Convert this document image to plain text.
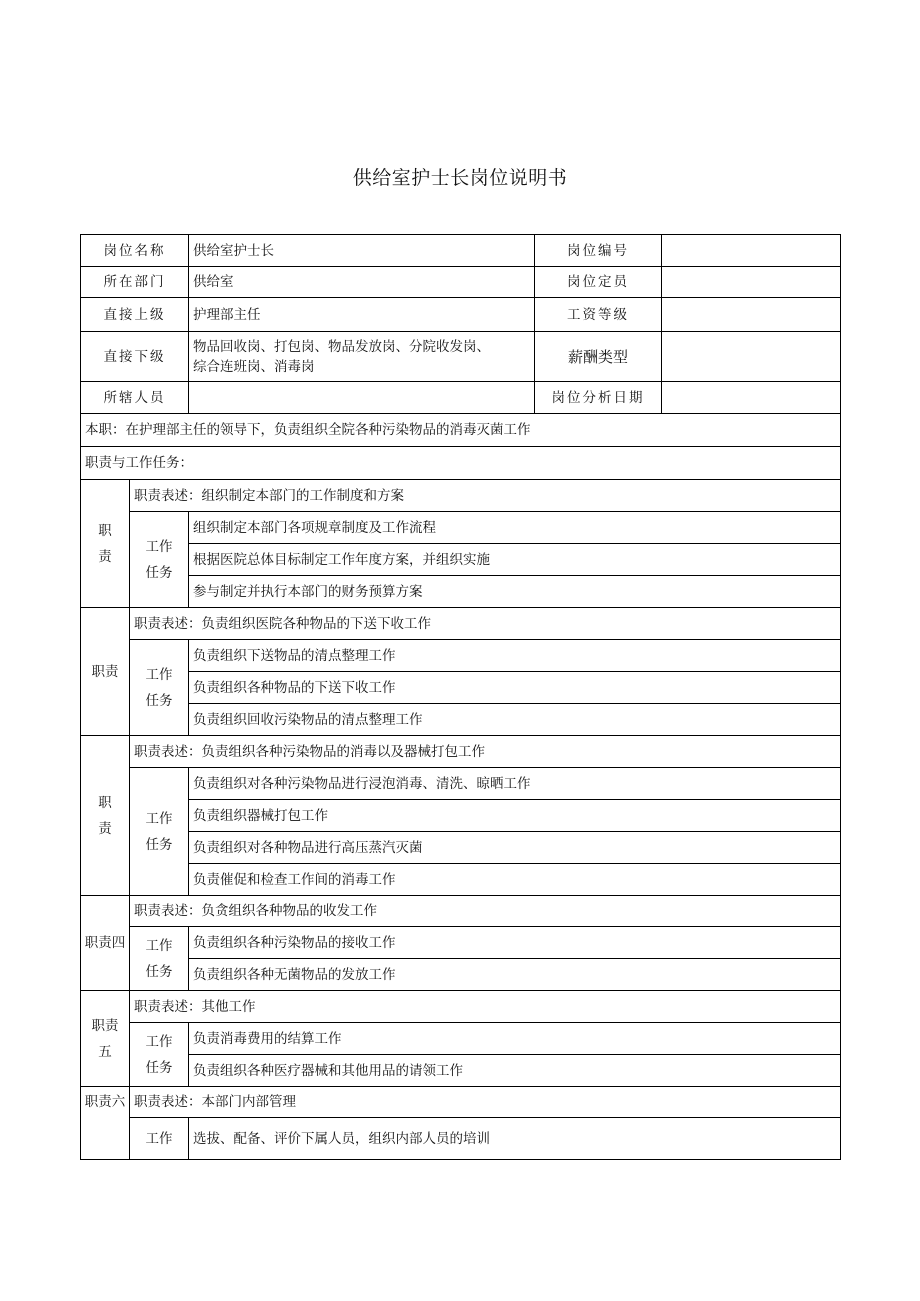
供给室护士长岗位说明书
岗位名称		供给室护士长	岗位编号	
所在部门		供给室	岗位定员	
直接上级		护理部主任	工资等级	
直接下级		物品回收岗、打包岗、物品发放岗、分院收发岗、
综合连班岗、消毒岗	薪酬类型	
所辖人员			岗位分析日期	
本职：在护理部主任的领导下，负责组织全院各种污染物品的消毒灭菌工作				
职责与工作任务：				

职
责	职责表述：组织制定本部门的工作制度和方案			

	工作
任务	组织制定本部门各项规章制度及工作流程		
		根据医院总体目标制定工作年度方案，并组织实施		
		参与制定并执行本部门的财务预算方案		
职责	职责表述：负责组织医院各种物品的下送下收工作			

	工作
任务	负责组织下送物品的清点整理工作		
		负责组织各种物品的下送下收工作		
		负责组织回收污染物品的清点整理工作		

职
责	职责表述：负责组织各种污染物品的消毒以及器械打包工作			

	工作
任务	负责组织对各种污染物品进行浸泡消毒、清洗、晾晒工作		
		负责组织器械打包工作		
		负责组织对各种物品进行高压蒸汽灭菌		
		负责催促和检查工作间的消毒工作		
职责四	职责表述：负贪组织各种物品的收发工作			

	工作
任务	负责组织各种污染物品的接收工作		
		负责组织各种无菌物品的发放工作		

职责
五	职责表述：其他工作			

	工作
任务	负责消毒费用的结算工作		
		负责组织各种医疗器械和其他用品的请领工作		
职责六	职责表述：本部门内部管理			
	工作	选拔、配备、评价下属人员，组织内部人员的培训		
